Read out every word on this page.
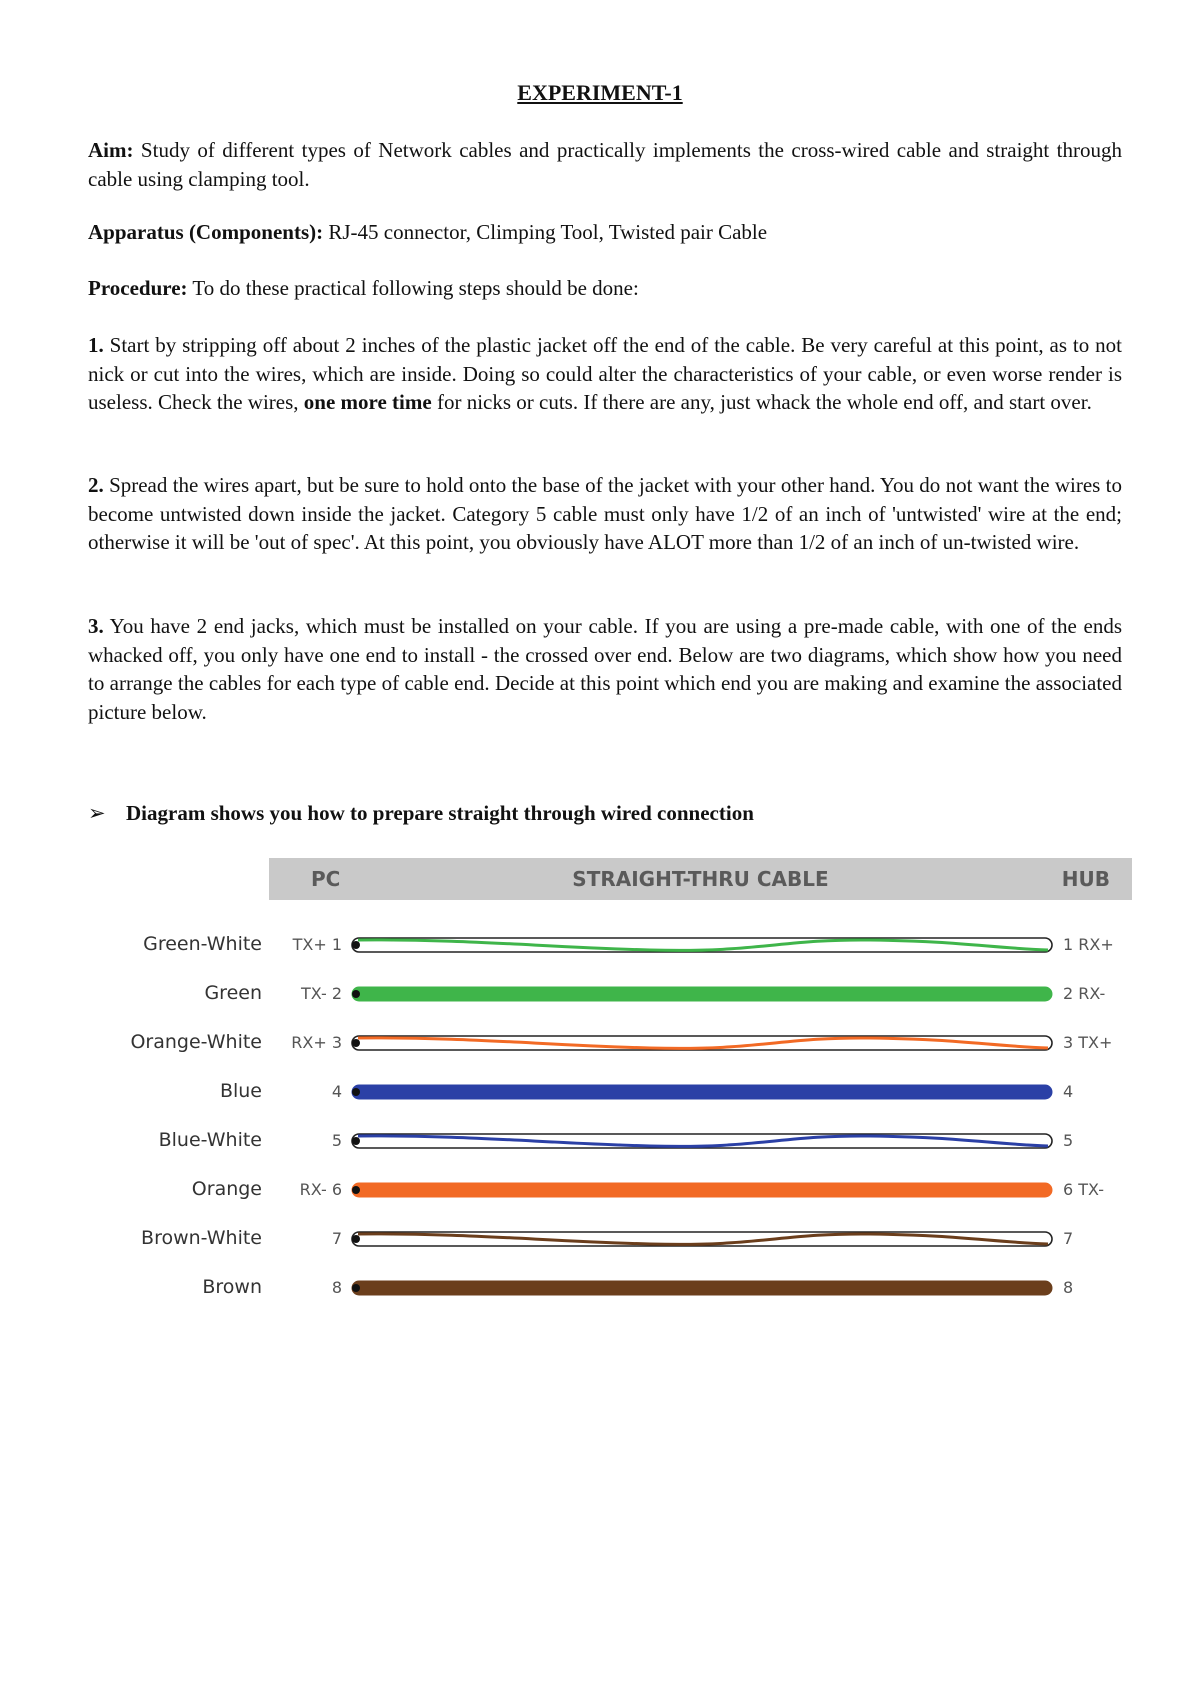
EXPERIMENT-1
Aim: Study of different types of Network cables and practically implements the cross-wired cable and straight through cable using clamping tool.
Apparatus (Components): RJ-45 connector, Climping Tool, Twisted pair Cable
Procedure: To do these practical following steps should be done:
1. Start by stripping off about 2 inches of the plastic jacket off the end of the cable. Be very careful at this point, as to not nick or cut into the wires, which are inside. Doing so could alter the characteristics of your cable, or even worse render is useless. Check the wires, one more time for nicks or cuts. If there are any, just whack the whole end off, and start over.
2. Spread the wires apart, but be sure to hold onto the base of the jacket with your other hand. You do not want the wires to become untwisted down inside the jacket. Category 5 cable must only have 1/2 of an inch of 'untwisted' wire at the end; otherwise it will be 'out of spec'. At this point, you obviously have ALOT more than 1/2 of an inch of un-twisted wire.
3. You have 2 end jacks, which must be installed on your cable. If you are using a pre-made cable, with one of the ends whacked off, you only have one end to install - the crossed over end. Below are two diagrams, which show how you need to arrange the cables for each type of cable end. Decide at this point which end you are making and examine the associated picture below.
➢ Diagram shows you how to prepare straight through wired connection
STRAIGHT-THRU CABLE
PC	HUB
Green-White TX+ 1	1 RX+
Green TX- 2	2 RX-
Orange-White RX+ 3	3 TX+
Blue	4	4
Blue-White	5	5
Orange RX- 6	6 TX-
Brown-White	7	7
Brown	8	8
